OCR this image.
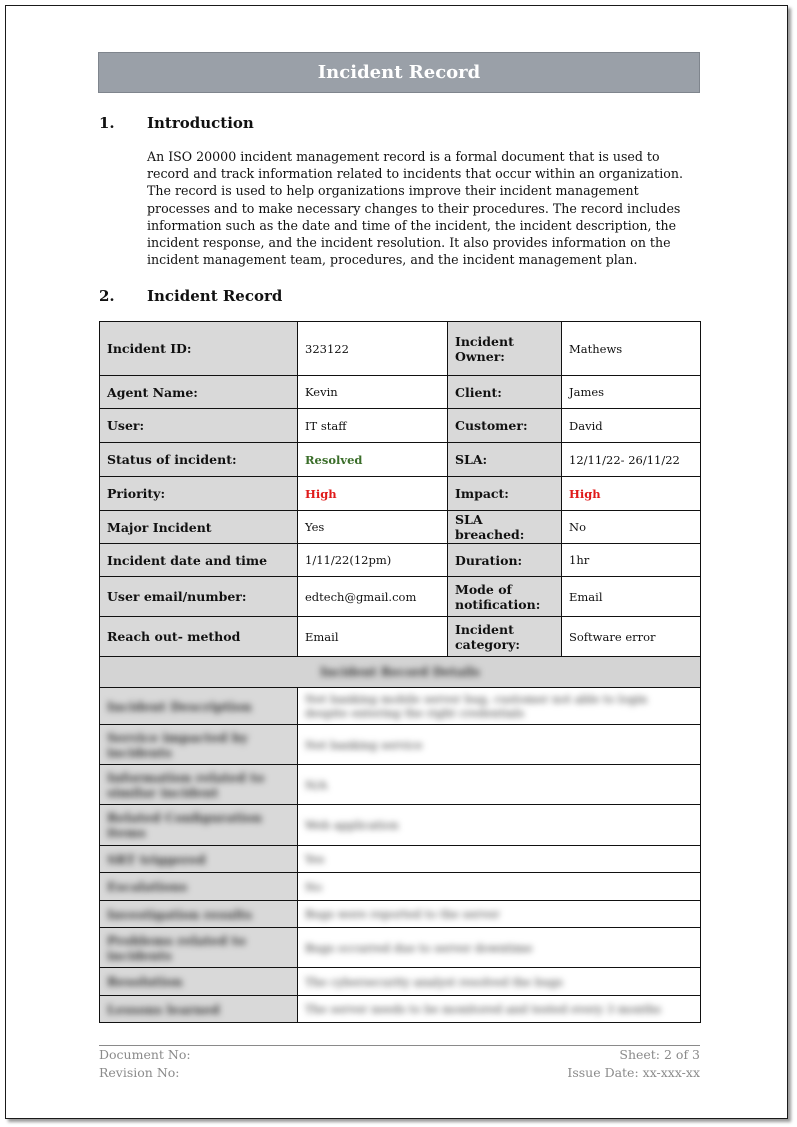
Incident Record
1. Introduction

An ISO 20000 incident management record is a formal document that is used to record and track information related to incidents that occur within an organization. The record is used to help organizations improve their incident management processes and to make necessary changes to their procedures. The record includes information such as the date and time of the incident, the incident description, the incident response, and the incident resolution. It also provides information on the incident management team, procedures, and the incident management plan.

2. Incident Record
Incident ID:	323122	Incident Owner:	Mathews
Agent Name:	Kevin	Client:	James
User:	IT staff	Customer:	David
Status of incident:	Resolved	SLA:	12/11/22- 26/11/22
Priority:	High	Impact:	High
Major Incident	Yes	SLA breached:	No
Incident date and time	1/11/22(12pm)	Duration:	1hr
User email/number:	edtech@gmail.com	Mode of notification:	Email
Reach out- method	Email	Incident category:	Software error
Incident Record Details			
Incident Description	Net banking mobile server bug, customer not able to login despite entering the right credentials		
Service impacted by incidents	Net banking service		
Information related to similar incident	N/A		
Related Configuration items	Web application		
SRT triggered	Yes		
Escalations	No		
Investigation results	Bugs were reported to the server		
Problems related to incidents	Bugs occurred due to server downtime		
Resolution	The cybersecurity analyst resolved the bugs		
Lessons learned	The server needs to be monitored and tested every 3 months		
Document No:
Revision No:
Sheet: 2 of 3
Issue Date: xx-xxx-xx
